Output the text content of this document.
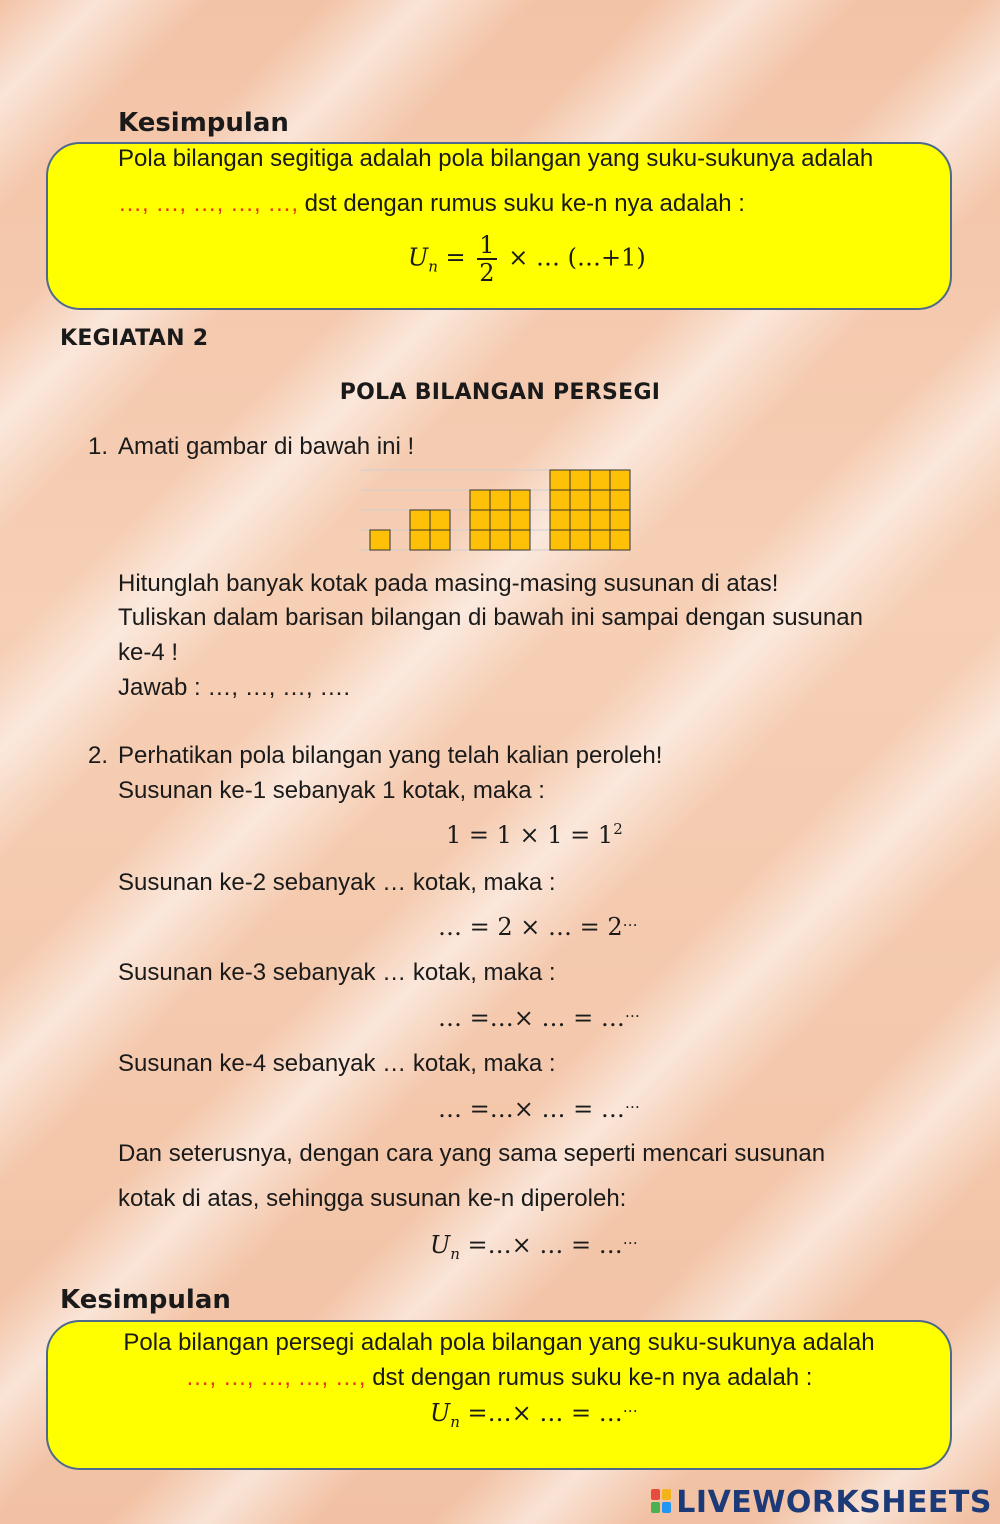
Kesimpulan
Pola bilangan segitiga adalah pola bilangan yang suku-sukunya adalah
…, …, …, …, …, dst dengan rumus suku ke-n nya adalah :
$U_n = \frac{1}{2}$ × … (…+1)
KEGIATAN 2
POLA BILANGAN PERSEGI
1. Amati gambar di bawah ini !
Hitunglah banyak kotak pada masing-masing susunan di atas!
Tuliskan dalam barisan bilangan di bawah ini sampai dengan susunan
ke-4 !
Jawab : …, …, …, ….
2. Perhatikan pola bilangan yang telah kalian peroleh!
Susunan ke-1 sebanyak 1 kotak, maka :
$1 = 1 \times 1 = 1^2$
Susunan ke-2 sebanyak … kotak, maka :
… = 2 × … = 2…
Susunan ke-3 sebanyak … kotak, maka :
… =…× … = ……
Susunan ke-4 sebanyak … kotak, maka :
… =…× … = ……
Dan seterusnya, dengan cara yang sama seperti mencari susunan
kotak di atas, sehingga susunan ke-n diperoleh:
$U_n$ =…× … = ……
Kesimpulan
Pola bilangan persegi adalah pola bilangan yang suku-sukunya adalah
…, …, …, …, …, dst dengan rumus suku ke-n nya adalah :
$U_n$ =…× … = ……
LIVEWORKSHEETS
